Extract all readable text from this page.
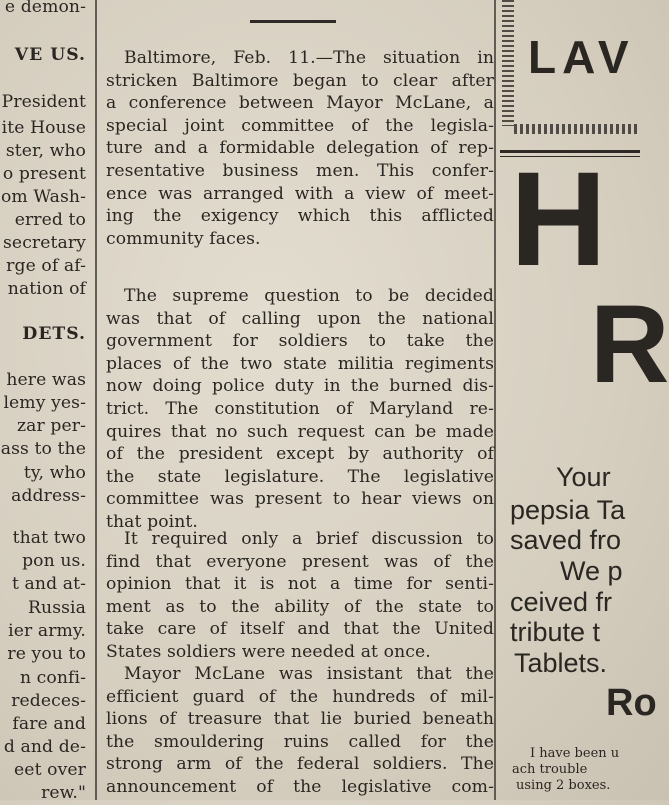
e demon-
VE US.
President
ite House
ster, who
o present
om Wash-
erred to
secretary
rge of af-
nation of
DETS.
here was
lemy yes-
zar per-
ass to the
ty, who
address-
that two
pon us.
t and at-
Russia
ier army.
re you to
n confi-
redeces-
fare and
d and de-
eet over
rew."
Baltimore, Feb. 11.—The situation in
stricken Baltimore began to clear after
a conference between Mayor McLane, a
special joint committee of the legisla-
ture and a formidable delegation of rep-
resentative business men. This confer-
ence was arranged with a view of meet-
ing the exigency which this afflicted
community faces.
The supreme question to be decided
was that of calling upon the national
government for soldiers to take the
places of the two state militia regiments
now doing police duty in the burned dis-
trict. The constitution of Maryland re-
quires that no such request can be made
of the president except by authority of
the state legislature. The legislative
committee was present to hear views on
that point.
It required only a brief discussion to
find that everyone present was of the
opinion that it is not a time for senti-
ment as to the ability of the state to
take care of itself and that the United
States soldiers were needed at once.
Mayor McLane was insistant that the
efficient guard of the hundreds of mil-
lions of treasure that lie buried beneath
the smouldering ruins called for the
strong arm of the federal soldiers. The
announcement of the legislative com-
LAV
H
R
Your
pepsia Ta
saved fro
We p
ceived fr
tribute t
Tablets.
Ro
I have been u
ach trouble
using 2 boxes.
